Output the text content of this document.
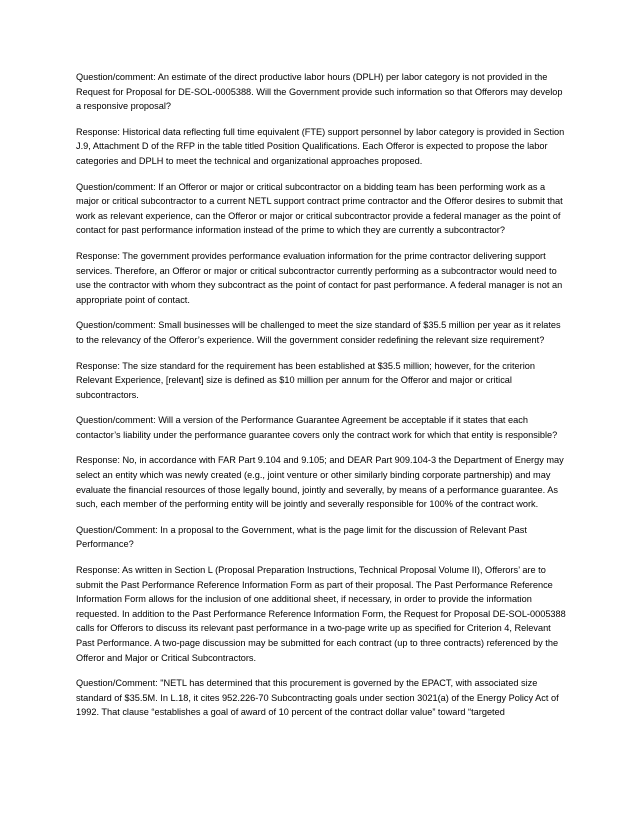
Question/comment: An estimate of the direct productive labor hours (DPLH) per labor category is not provided in the Request for Proposal for DE-SOL-0005388. Will the Government provide such information so that Offerors may develop a responsive proposal?

Response: Historical data reflecting full time equivalent (FTE) support personnel by labor category is provided in Section J.9, Attachment D of the RFP in the table titled Position Qualifications. Each Offeror is expected to propose the labor categories and DPLH to meet the technical and organizational approaches proposed.

Question/comment: If an Offeror or major or critical subcontractor on a bidding team has been performing work as a major or critical subcontractor to a current NETL support contract prime contractor and the Offeror desires to submit that work as relevant experience, can the Offeror or major or critical subcontractor provide a federal manager as the point of contact for past performance information instead of the prime to which they are currently a subcontractor?

Response: The government provides performance evaluation information for the prime contractor delivering support services. Therefore, an Offeror or major or critical subcontractor currently performing as a subcontractor would need to use the contractor with whom they subcontract as the point of contact for past performance. A federal manager is not an appropriate point of contact.

Question/comment: Small businesses will be challenged to meet the size standard of $35.5 million per year as it relates to the relevancy of the Offeror’s experience. Will the government consider redefining the relevant size requirement?

Response: The size standard for the requirement has been established at $35.5 million; however, for the criterion Relevant Experience, [relevant] size is defined as $10 million per annum for the Offeror and major or critical subcontractors.

Question/comment: Will a version of the Performance Guarantee Agreement be acceptable if it states that each contactor’s liability under the performance guarantee covers only the contract work for which that entity is responsible?

Response: No, in accordance with FAR Part 9.104 and 9.105; and DEAR Part 909.104-3 the Department of Energy may select an entity which was newly created (e.g., joint venture or other similarly binding corporate partnership) and may evaluate the financial resources of those legally bound, jointly and severally, by means of a performance guarantee. As such, each member of the performing entity will be jointly and severally responsible for 100% of the contract work.

Question/Comment: In a proposal to the Government, what is the page limit for the discussion of Relevant Past Performance?

Response: As written in Section L (Proposal Preparation Instructions, Technical Proposal Volume II), Offerors’ are to submit the Past Performance Reference Information Form as part of their proposal. The Past Performance Reference Information Form allows for the inclusion of one additional sheet, if necessary, in order to provide the information requested. In addition to the Past Performance Reference Information Form, the Request for Proposal DE-SOL-0005388 calls for Offerors to discuss its relevant past performance in a two-page write up as specified for Criterion 4, Relevant Past Performance. A two-page discussion may be submitted for each contract (up to three contracts) referenced by the Offeror and Major or Critical Subcontractors.

Question/Comment: "NETL has determined that this procurement is governed by the EPACT, with associated size standard of $35.5M. In L.18, it cites 952.226-70 Subcontracting goals under section 3021(a) of the Energy Policy Act of 1992. That clause “establishes a goal of award of 10 percent of the contract dollar value” toward “targeted
